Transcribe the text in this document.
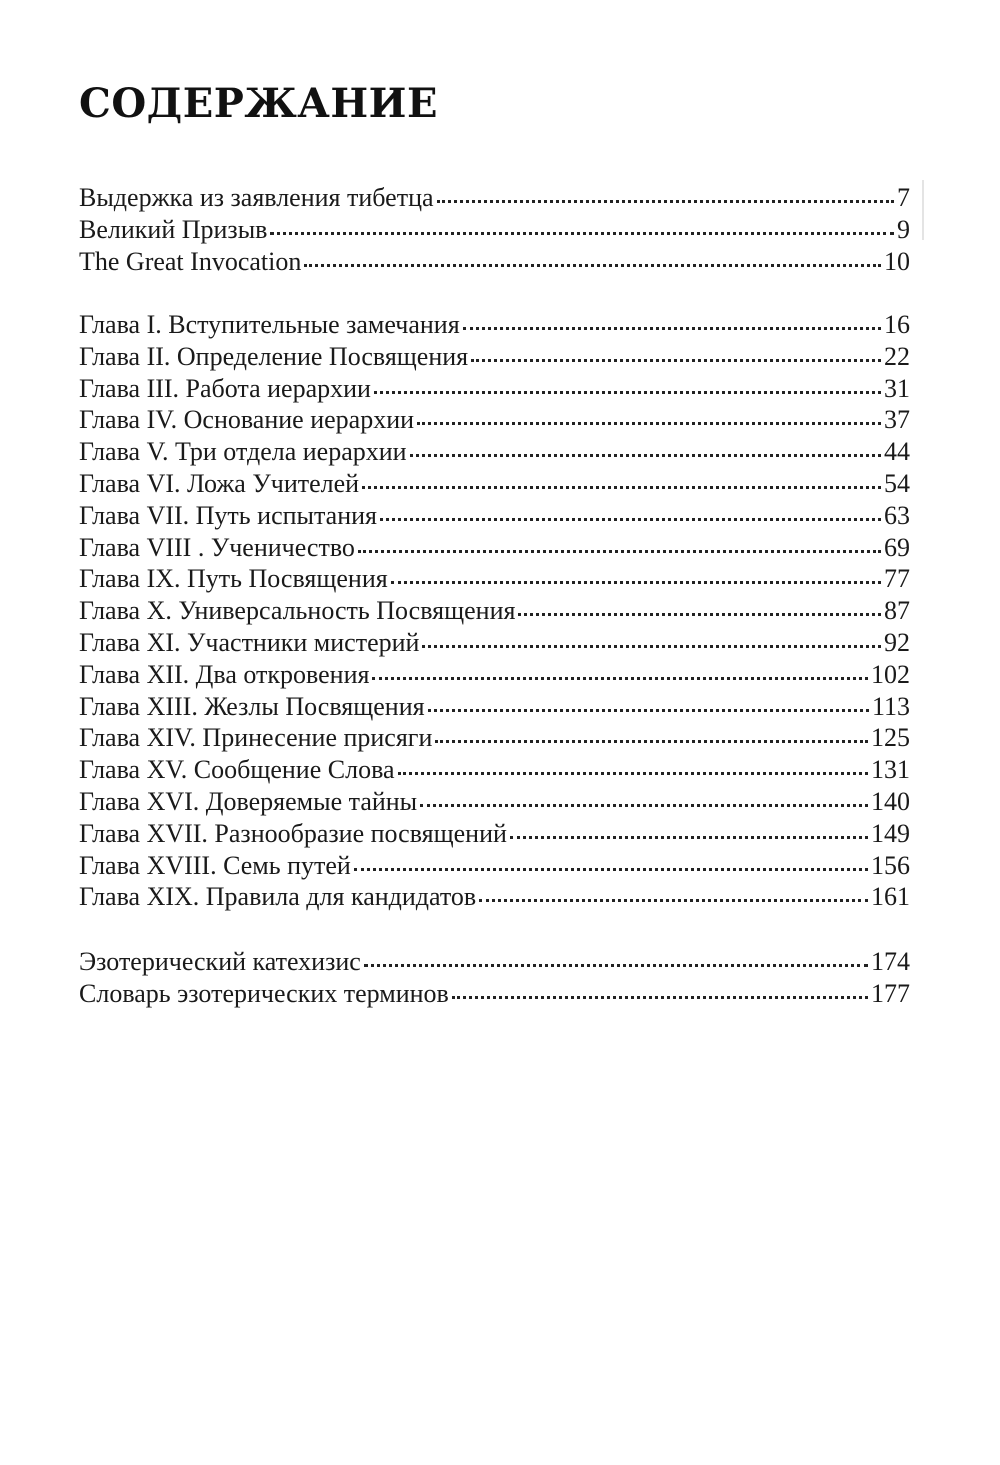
СОДЕРЖАНИЕ
Выдержка из заявления тибетца	7
Великий Призыв	9
The Great Invocation	10
Глава I. Вступительные замечания	16
Глава II. Определение Посвящения	22
Глава III. Работа иерархии	31
Глава IV. Основание иерархии	37
Глава V. Три отдела иерархии	44
Глава VI. Ложа Учителей	54
Глава VII. Путь испытания	63
Глава VIII . Ученичество	69
Глава IX. Путь Посвящения	77
Глава X. Универсальность Посвящения	87
Глава XI. Участники мистерий	92
Глава XII. Два откровения	102
Глава XIII. Жезлы Посвящения	113
Глава XIV. Принесение присяги	125
Глава XV. Сообщение Слова	131
Глава XVI. Доверяемые тайны	140
Глава XVII. Разнообразие посвящений	149
Глава XVIII. Семь путей	156
Глава XIX. Правила для кандидатов	161
Эзотерический катехизис	174
Словарь эзотерических терминов	177
